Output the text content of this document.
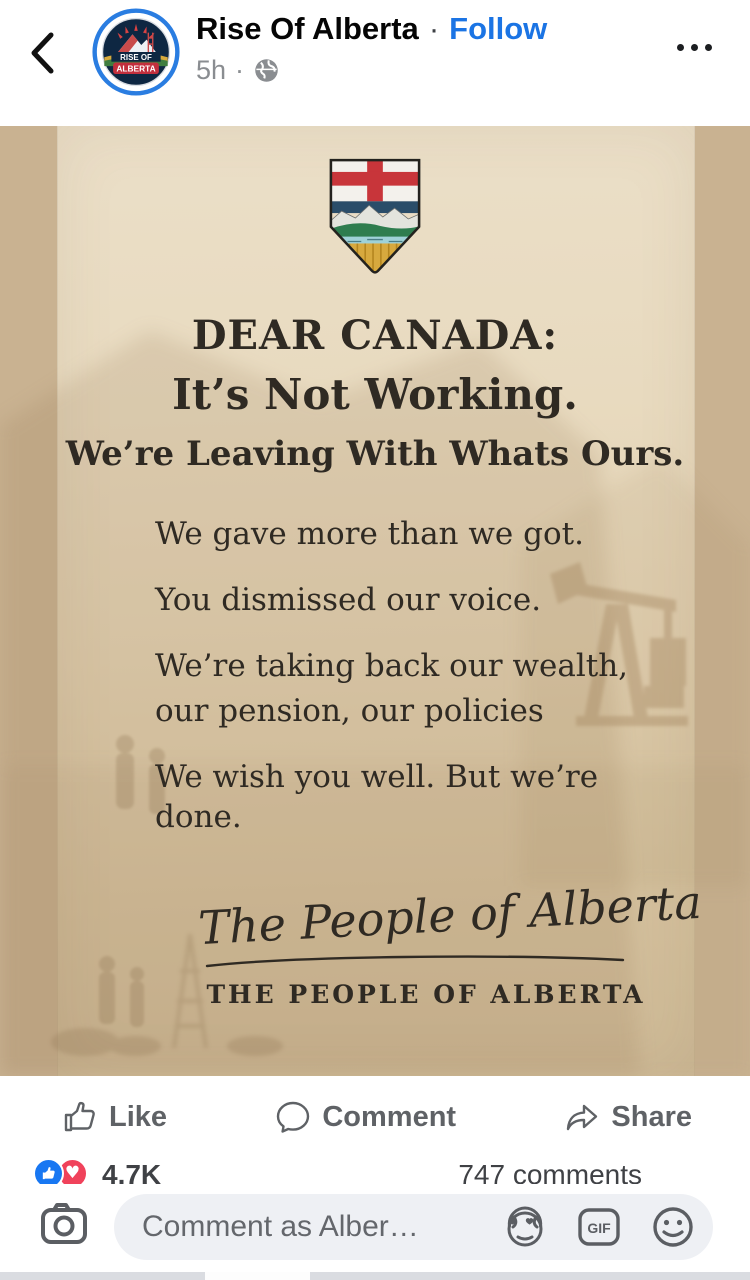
RISE OF
ALBERTA
Rise Of Alberta · Follow
5h ·
DEAR CANADA:
It’s Not Working.
We’re Leaving With Whats Ours.

We gave more than we got.

You dismissed our voice.

We’re taking back our wealth,

our pension, our policies

We wish you well. But we’re done.

The People of Alberta
THE PEOPLE OF ALBERTA
Like	Comment	Share
♥ 4.7K	747 comments
Comment as Alber…	GIF
